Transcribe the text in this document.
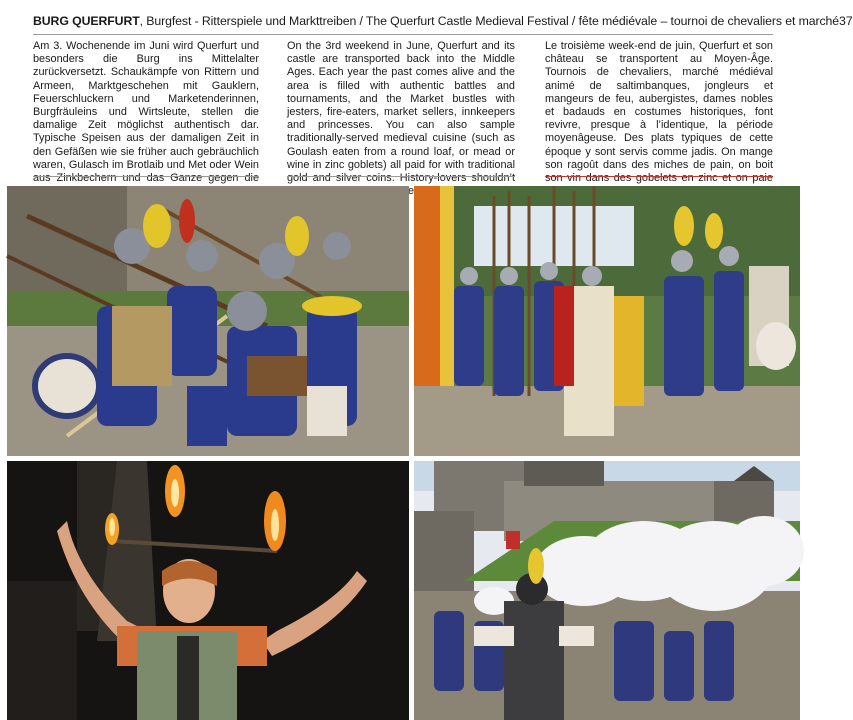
BURG QUERFURT, Burgfest - Ritterspiele und Markttreiben / The Querfurt Castle Medieval Festival / fête médiévale – tournoi de chevaliers et marché 37
Am 3. Wochenende im Juni wird Querfurt und besonders die Burg ins Mittelalter zurückversetzt. Schaukämpfe von Rittern und Armeen, Marktgeschehen mit Gauklern, Feuerschluckern und Marketenderinnen, Burgfräuleins und Wirtsleute, stellen die damalige Zeit möglichst authentisch dar. Typische Speisen aus der damaligen Zeit in den Gefäßen wie sie früher auch gebräuchlich waren, Gulasch im Brotlaib und Met oder Wein aus Zinkbechern und das Ganze gegen die
On the 3rd weekend in June, Querfurt and its castle are transported back into the Middle Ages. Each year the past comes alive and the area is filled with authentic battles and tournaments, and the Market bustles with jesters, fire-eaters, market sellers, innkeepers and princesses. You can also sample traditionally-served medieval cuisine (such as Goulash eaten from a round loaf, or mead or wine in zinc goblets) all paid for with traditional gold and silver coins. History-lovers shouldn’t
Le troisième week-end de juin, Querfurt et son château se transportent au Moyen-Âge. Tournois de chevaliers, marché médiéval animé de saltimbanques, jongleurs et mangeurs de feu, aubergistes, dames nobles et badauds en costumes historiques, font revivre, presque à l’identique, la période moyenâgeuse. Des plats typiques de cette époque y sont servis comme jadis. On mange son ragoût dans des miches de pain, on boit son vin dans des gobelets en zinc et on paie
